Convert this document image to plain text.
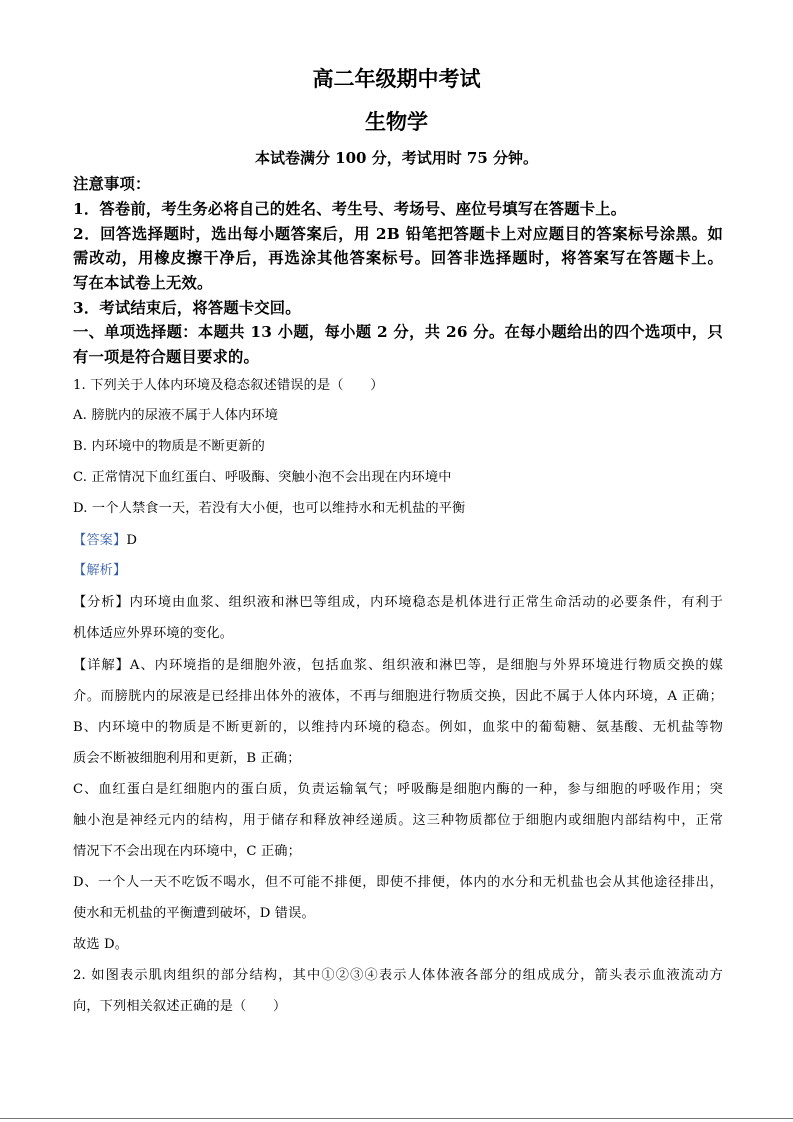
高二年级期中考试
生物学
本试卷满分 100 分，考试用时 75 分钟。
注意事项：
1．答卷前，考生务必将自己的姓名、考生号、考场号、座位号填写在答题卡上。
2．回答选择题时，选出每小题答案后，用 2B 铅笔把答题卡上对应题目的答案标号涂黑。如
需改动，用橡皮擦干净后，再选涂其他答案标号。回答非选择题时，将答案写在答题卡上。
写在本试卷上无效。
3．考试结束后，将答题卡交回。
一、单项选择题：本题共 13 小题，每小题 2 分，共 26 分。在每小题给出的四个选项中，只
有一项是符合题目要求的。
1. 下列关于人体内环境及稳态叙述错误的是（　　）
A. 膀胱内的尿液不属于人体内环境
B. 内环境中的物质是不断更新的
C. 正常情况下血红蛋白、呼吸酶、突触小泡不会出现在内环境中
D. 一个人禁食一天，若没有大小便，也可以维持水和无机盐的平衡
【答案】D
【解析】
【分析】内环境由血浆、组织液和淋巴等组成，内环境稳态是机体进行正常生命活动的必要条件，有利于
机体适应外界环境的变化。
【详解】A、内环境指的是细胞外液，包括血浆、组织液和淋巴等，是细胞与外界环境进行物质交换的媒
介。而膀胱内的尿液是已经排出体外的液体，不再与细胞进行物质交换，因此不属于人体内环境，A 正确；
B、内环境中的物质是不断更新的，以维持内环境的稳态。例如，血浆中的葡萄糖、氨基酸、无机盐等物
质会不断被细胞利用和更新，B 正确；
C、血红蛋白是红细胞内的蛋白质，负责运输氧气；呼吸酶是细胞内酶的一种，参与细胞的呼吸作用；突
触小泡是神经元内的结构，用于储存和释放神经递质。这三种物质都位于细胞内或细胞内部结构中，正常
情况下不会出现在内环境中，C 正确；
D、一个人一天不吃饭不喝水，但不可能不排便，即使不排便，体内的水分和无机盐也会从其他途径排出，
使水和无机盐的平衡遭到破坏，D 错误。
故选 D。
2. 如图表示肌肉组织的部分结构，其中①②③④表示人体体液各部分的组成成分，箭头表示血液流动方
向，下列相关叙述正确的是（　　）
